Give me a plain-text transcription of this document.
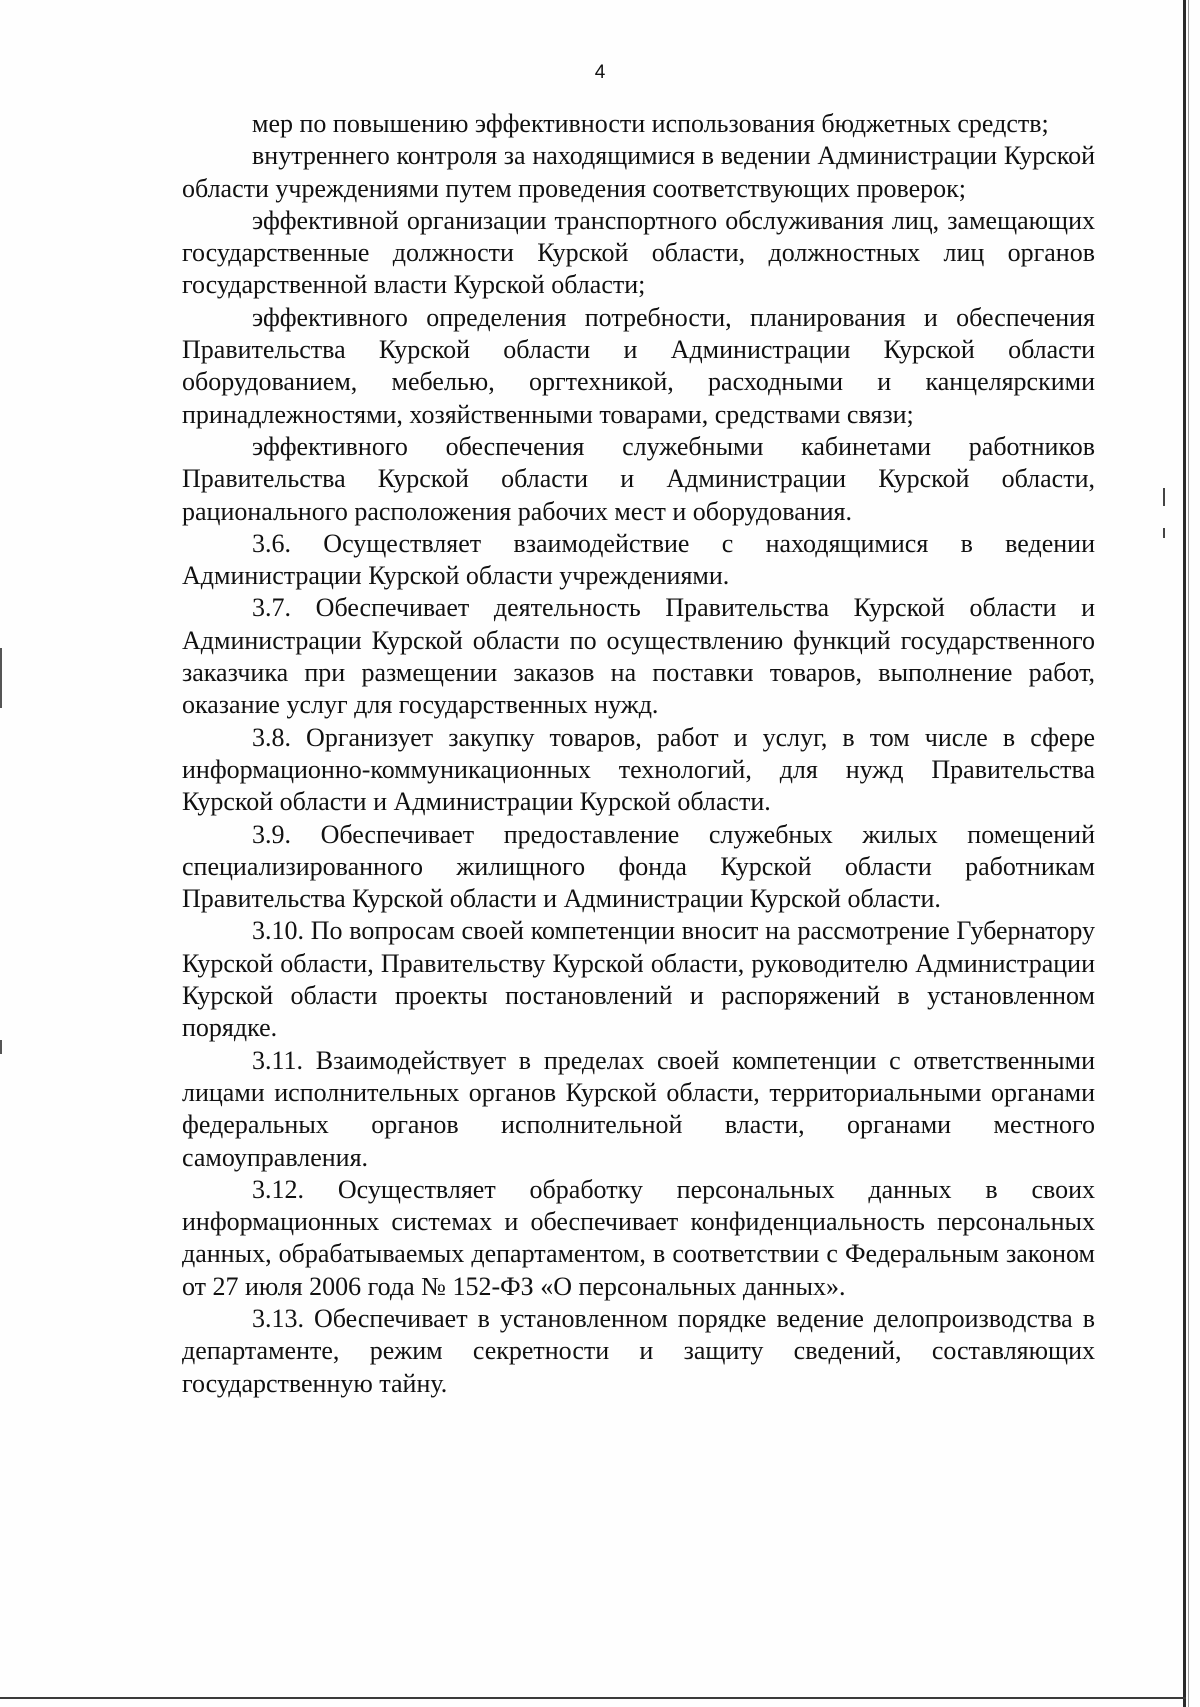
4

мер по повышению эффективности использования бюджетных средств;

внутреннего контроля за находящимися в ведении Администрации Курской области учреждениями путем проведения соответствующих проверок;

эффективной организации транспортного обслуживания лиц, замещающих государственные должности Курской области, должностных лиц органов государственной власти Курской области;

эффективного определения потребности, планирования и обеспечения Правительства Курской области и Администрации Курской области оборудованием, мебелью, оргтехникой, расходными и канцелярскими принадлежностями, хозяйственными товарами, средствами связи;

эффективного обеспечения служебными кабинетами работников Правительства Курской области и Администрации Курской области, рационального расположения рабочих мест и оборудования.

3.6. Осуществляет взаимодействие с находящимися в ведении Администрации Курской области учреждениями.

3.7. Обеспечивает деятельность Правительства Курской области и Администрации Курской области по осуществлению функций государственного заказчика при размещении заказов на поставки товаров, выполнение работ, оказание услуг для государственных нужд.

3.8. Организует закупку товаров, работ и услуг, в том числе в сфере информационно-коммуникационных технологий, для нужд Правительства Курской области и Администрации Курской области.

3.9. Обеспечивает предоставление служебных жилых помещений специализированного жилищного фонда Курской области работникам Правительства Курской области и Администрации Курской области.

3.10. По вопросам своей компетенции вносит на рассмотрение Губернатору Курской области, Правительству Курской области, руководителю Администрации Курской области проекты постановлений и распоряжений в установленном порядке.

3.11. Взаимодействует в пределах своей компетенции с ответственными лицами исполнительных органов Курской области, территориальными органами федеральных органов исполнительной власти, органами местного самоуправления.

3.12. Осуществляет обработку персональных данных в своих информационных системах и обеспечивает конфиденциальность персональных данных, обрабатываемых департаментом, в соответствии с Федеральным законом от 27 июля 2006 года № 152-ФЗ «О персональных данных».

3.13. Обеспечивает в установленном порядке ведение делопроизводства в департаменте, режим секретности и защиту сведений, составляющих государственную тайну.
